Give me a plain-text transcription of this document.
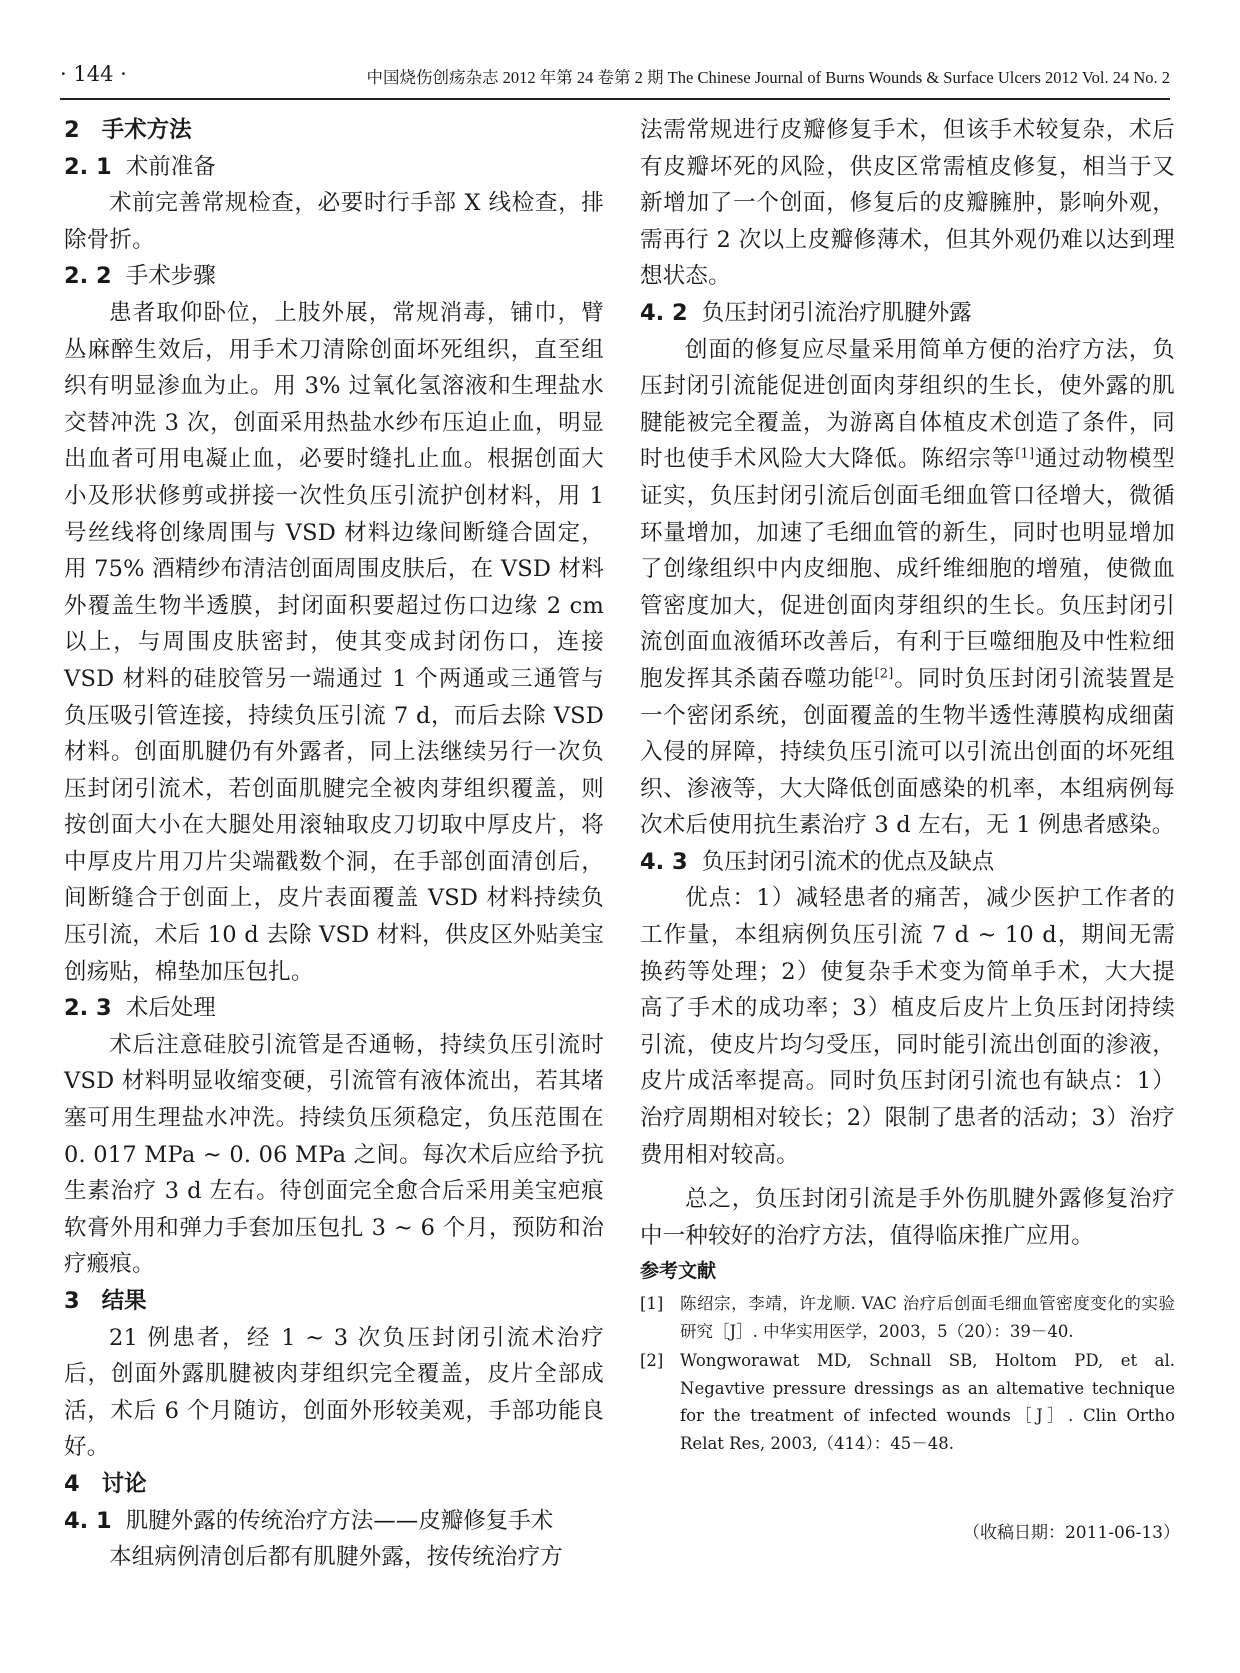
· 144 ·	中国烧伤创疡杂志 2012 年第 24 卷第 2 期 The Chinese Journal of Burns Wounds & Surface Ulcers 2012 Vol. 24 No. 2

2 手术方法

2. 1 术前准备

术前完善常规检查，必要时行手部 X 线检查，排除骨折。

2. 2 手术步骤

患者取仰卧位，上肢外展，常规消毒，铺巾，臂丛麻醉生效后，用手术刀清除创面坏死组织，直至组织有明显渗血为止。用 3% 过氧化氢溶液和生理盐水交替冲洗 3 次，创面采用热盐水纱布压迫止血，明显出血者可用电凝止血，必要时缝扎止血。根据创面大小及形状修剪或拼接一次性负压引流护创材料，用 1 号丝线将创缘周围与 VSD 材料边缘间断缝合固定，用 75% 酒精纱布清洁创面周围皮肤后，在 VSD 材料外覆盖生物半透膜，封闭面积要超过伤口边缘 2 cm 以上，与周围皮肤密封，使其变成封闭伤口，连接 VSD 材料的硅胶管另一端通过 1 个两通或三通管与负压吸引管连接，持续负压引流 7 d，而后去除 VSD 材料。创面肌腱仍有外露者，同上法继续另行一次负压封闭引流术，若创面肌腱完全被肉芽组织覆盖，则按创面大小在大腿处用滚轴取皮刀切取中厚皮片，将中厚皮片用刀片尖端戳数个洞，在手部创面清创后，间断缝合于创面上，皮片表面覆盖 VSD 材料持续负压引流，术后 10 d 去除 VSD 材料，供皮区外贴美宝创疡贴，棉垫加压包扎。

2. 3 术后处理

术后注意硅胶引流管是否通畅，持续负压引流时 VSD 材料明显收缩变硬，引流管有液体流出，若其堵塞可用生理盐水冲洗。持续负压须稳定，负压范围在 0. 017 MPa ~ 0. 06 MPa 之间。每次术后应给予抗生素治疗 3 d 左右。待创面完全愈合后采用美宝疤痕软膏外用和弹力手套加压包扎 3 ~ 6 个月，预防和治疗瘢痕。

3 结果

21 例患者，经 1 ~ 3 次负压封闭引流术治疗后，创面外露肌腱被肉芽组织完全覆盖，皮片全部成活，术后 6 个月随访，创面外形较美观，手部功能良好。

4 讨论

4. 1 肌腱外露的传统治疗方法——皮瓣修复手术

本组病例清创后都有肌腱外露，按传统治疗方

法需常规进行皮瓣修复手术，但该手术较复杂，术后有皮瓣坏死的风险，供皮区常需植皮修复，相当于又新增加了一个创面，修复后的皮瓣臃肿，影响外观，需再行 2 次以上皮瓣修薄术，但其外观仍难以达到理想状态。

4. 2 负压封闭引流治疗肌腱外露

创面的修复应尽量采用简单方便的治疗方法，负压封闭引流能促进创面肉芽组织的生长，使外露的肌腱能被完全覆盖，为游离自体植皮术创造了条件，同时也使手术风险大大降低。陈绍宗等[1]通过动物模型证实，负压封闭引流后创面毛细血管口径增大，微循环量增加，加速了毛细血管的新生，同时也明显增加了创缘组织中内皮细胞、成纤维细胞的增殖，使微血管密度加大，促进创面肉芽组织的生长。负压封闭引流创面血液循环改善后，有利于巨噬细胞及中性粒细胞发挥其杀菌吞噬功能[2]。同时负压封闭引流装置是一个密闭系统，创面覆盖的生物半透性薄膜构成细菌入侵的屏障，持续负压引流可以引流出创面的坏死组织、渗液等，大大降低创面感染的机率，本组病例每次术后使用抗生素治疗 3 d 左右，无 1 例患者感染。

4. 3 负压封闭引流术的优点及缺点

优点：1）减轻患者的痛苦，减少医护工作者的工作量，本组病例负压引流 7 d ~ 10 d，期间无需换药等处理；2）使复杂手术变为简单手术，大大提高了手术的成功率；3）植皮后皮片上负压封闭持续引流，使皮片均匀受压，同时能引流出创面的渗液，皮片成活率提高。同时负压封闭引流也有缺点：1）治疗周期相对较长；2）限制了患者的活动；3）治疗费用相对较高。

总之，负压封闭引流是手外伤肌腱外露修复治疗中一种较好的治疗方法，值得临床推广应用。

参考文献

[1]	陈绍宗，李靖，许龙顺. VAC 治疗后创面毛细血管密度变化的实验研究［J］. 中华实用医学，2003，5（20）：39－40.
[2]	Wongworawat MD, Schnall SB, Holtom PD, et al. Negavtive pressure dressings as an altemative technique for the treatment of infected wounds［J］. Clin Ortho Relat Res, 2003,（414）：45－48.
（收稿日期：2011-06-13）
